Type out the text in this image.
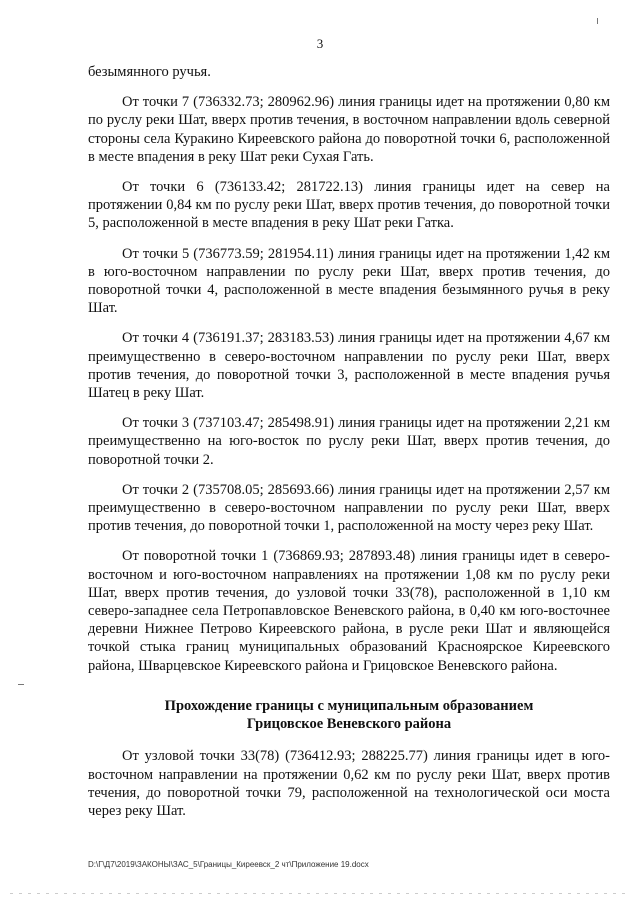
3

безымянного ручья.

От точки 7 (736332.73; 280962.96) линия границы идет на протяжении 0,80 км по руслу реки Шат, вверх против течения, в восточном направлении вдоль северной стороны села Куракино Киреевского района до поворотной точки 6, расположенной в месте впадения в реку Шат реки Сухая Гать.

От точки 6 (736133.42; 281722.13) линия границы идет на север на протяжении 0,84 км по руслу реки Шат, вверх против течения, до поворотной точки 5, расположенной в месте впадения в реку Шат реки Гатка.

От точки 5 (736773.59; 281954.11) линия границы идет на протяжении 1,42 км в юго-восточном направлении по руслу реки Шат, вверх против течения, до поворотной точки 4, расположенной в месте впадения безымянного ручья в реку Шат.

От точки 4 (736191.37; 283183.53) линия границы идет на протяжении 4,67 км преимущественно в северо-восточном направлении по руслу реки Шат, вверх против течения, до поворотной точки 3, расположенной в месте впадения ручья Шатец в реку Шат.

От точки 3 (737103.47; 285498.91) линия границы идет на протяжении 2,21 км преимущественно на юго-восток по руслу реки Шат, вверх против течения, до поворотной точки 2.

От точки 2 (735708.05; 285693.66) линия границы идет на протяжении 2,57 км преимущественно в северо-восточном направлении по руслу реки Шат, вверх против течения, до поворотной точки 1, расположенной на мосту через реку Шат.

От поворотной точки 1 (736869.93; 287893.48) линия границы идет в северо-восточном и юго-восточном направлениях на протяжении 1,08 км по руслу реки Шат, вверх против течения, до узловой точки 33(78), расположенной в 1,10 км северо-западнее села Петропавловское Веневского района, в 0,40 км юго-восточнее деревни Нижнее Петрово Киреевского района, в русле реки Шат и являющейся точкой стыка границ муниципальных образований Красноярское Киреевского района, Шварцевское Киреевского района и Грицовское Веневского района.

Прохождение границы с муниципальным образованием
Грицовское Веневского района

От узловой точки 33(78) (736412.93; 288225.77) линия границы идет в юго-восточном направлении на протяжении 0,62 км по руслу реки Шат, вверх против течения, до поворотной точки 79, расположенной на технологической оси моста через реку Шат.

D:\Г\Д7\2019\ЗАКОНЫ\ЗАС_5\Границы_Киреевск_2 чт\Приложение 19.docx
